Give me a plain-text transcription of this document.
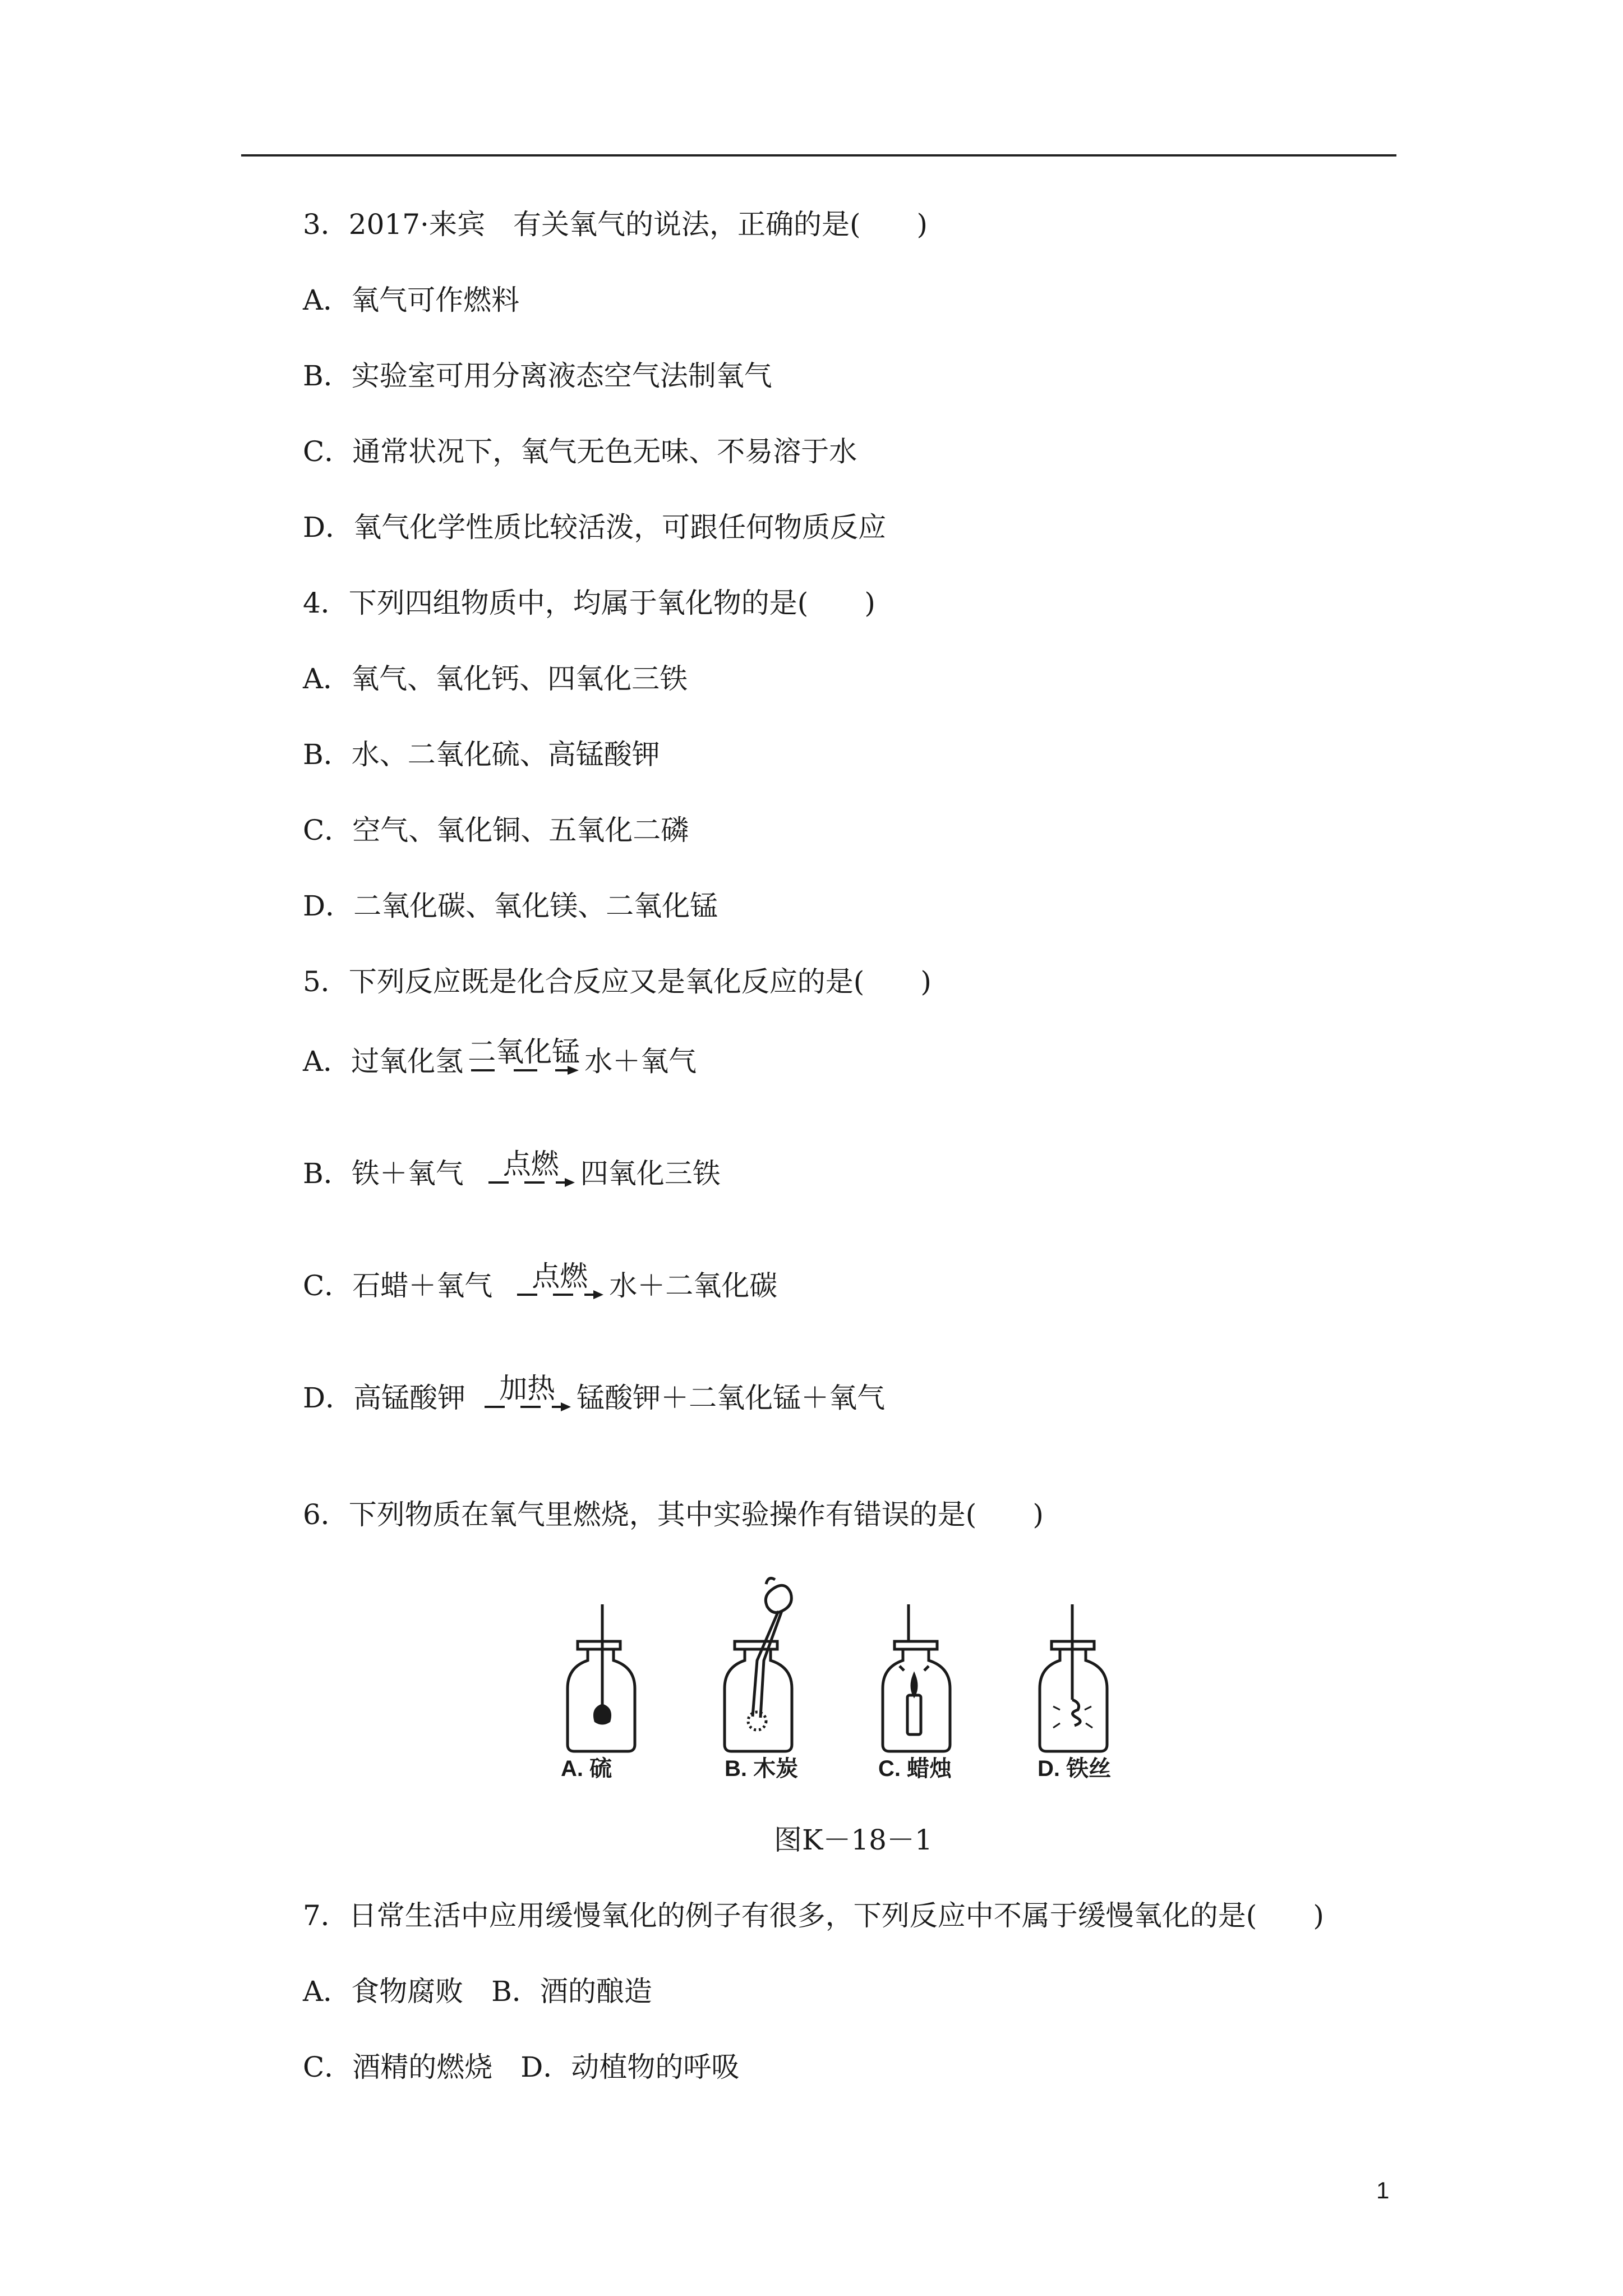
3．2017·来宾　有关氧气的说法，正确的是(　　)
A．氧气可作燃料
B．实验室可用分离液态空气法制氧气
C．通常状况下，氧气无色无味、不易溶于水
D．氧气化学性质比较活泼，可跟任何物质反应
4．下列四组物质中，均属于氧化物的是(　　)
A．氧气、氧化钙、四氧化三铁
B．水、二氧化硫、高锰酸钾
C．空气、氧化铜、五氧化二磷
D．二氧化碳、氧化镁、二氧化锰
5．下列反应既是化合反应又是氧化反应的是(　　)
A．过氧化氢 二氧化锰 水＋氧气
B．铁＋氧气 点燃 四氧化三铁
C．石蜡＋氧气 点燃 水＋二氧化碳
D．高锰酸钾 加热 锰酸钾＋二氧化锰＋氧气
6．下列物质在氧气里燃烧，其中实验操作有错误的是(　　)
A. 硫	B. 木炭	C. 蜡烛	D. 铁丝
图K－18－1
7．日常生活中应用缓慢氧化的例子有很多，下列反应中不属于缓慢氧化的是(　　)
A．食物腐败　B．酒的酿造
C．酒精的燃烧　D．动植物的呼吸
1
